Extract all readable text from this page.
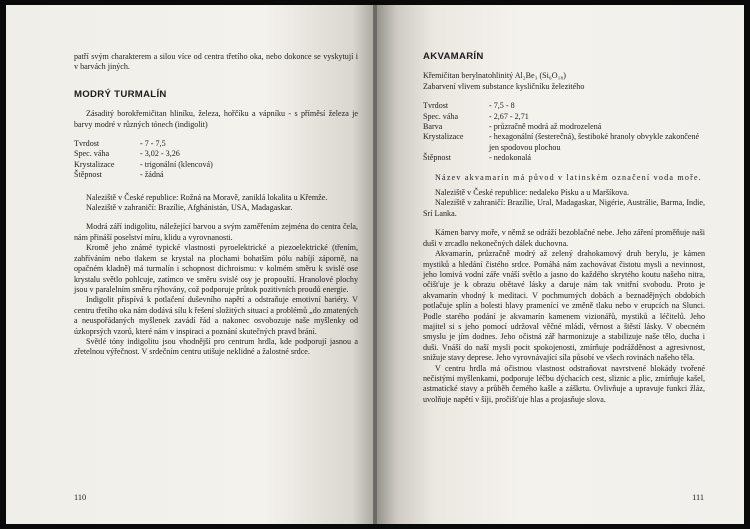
patří svým charakterem a silou více od centra třetího oka, nebo dokonce se vyskytují i v barvách jiných.

MODRÝ TURMALÍN

Zásaditý borokřemičitan hliníku, železa, hořčíku a vápníku - s příměsí železa je barvy modré v různých tónech (indigolit)

Tvrdost	- 7 - 7,5
Spec. váha	- 3,02 - 3,26
Krystalizace	- trigonální (klencová)
Štěpnost	- žádná

Naleziště v České republice: Rožná na Moravě, zaniklá lokalita u Křemže.

Naleziště v zahraničí: Brazílie, Afghánistán, USA, Madagaskar.

Modrá září indigolitu, náležející barvou a svým zaměřením zejména do centra čela, nám přináší poselství míru, klidu a vyrovnanosti.

Kromě jeho známé typické vlastnosti pyroelektrické a piezoelektrické (třením, zahříváním nebo tlakem se krystal na plochami bohatším pólu nabíjí záporně, na opačném kladně) má turmalín i schopnost dichroismu: v kolmém směru k svislé ose krystalu světlo pohlcuje, zatímco ve směru svislé osy je propouští. Hranolové plochy jsou v paralelním směru rýhovány, což podporuje průtok pozitivních proudů energie.

Indigolit přispívá k potlačení duševního napětí a odstraňuje emotivní bariéry. V centru třetího oka nám dodává sílu k řešení složitých situací a problémů „do zmatených a neuspořádaných myšlenek zavádí řád a nakonec osvobozuje naše myšlenky od úzkoprsých vzorů, které nám v inspiraci a poznání skutečných pravd brání.

Světlé tóny indigolitu jsou vhodnější pro centrum hrdla, kde podporují jasnou a zřetelnou výřečnost. V srdečním centru utišuje neklidné a žalostné srdce.

110
AKVAMARÍN

Křemičitan berylnatohlinitý Al₂Be₃ (Si₆O₁₈)

Zabarvení vlivem substance kysličníku železitého

Tvrdost	- 7,5 - 8
Spec. váha	- 2,67 - 2,71
Barva	- průzračně modrá až modrozelená
Krystalizace	- hexagonální (šesterečná), šestiboké hranoly obvykle zakončené jen spodovou plochou
Štěpnost	- nedokonalá

Název akvamarín má původ v latinském označení voda moře.

Naleziště v České republice: nedaleko Písku a u Maršíkova.

Naleziště v zahraničí: Brazílie, Ural, Madagaskar, Nigérie, Austrálie, Barma, Indie, Srí Lanka.

Kámen barvy moře, v němž se odráží bezoblačné nebe. Jeho záření proměňuje naši duši v zrcadlo nekonečných dálek duchovna.

Akvamarín, průzračně modrý až zelený drahokamový druh berylu, je kámen mystiků a hledání čistého srdce. Pomáhá nám zachovávat čistotu mysli a nevinnost, jeho lomivá vodní záře vnáší světlo a jasno do každého skrytého koutu našeho nitra, očišťuje je k obrazu obětavé lásky a daruje nám tak vnitřní svobodu. Proto je akvamarín vhodný k meditaci. V pochmurných dobách a beznadějných obdobích potlačuje splín a bolesti hlavy pramenící ve změně tlaku nebo v erupcích na Slunci. Podle starého podání je akvamarín kamenem vizionářů, mystiků a léčitelů. Jeho majitel si s jeho pomocí udržoval věčné mládí, věrnost a štěstí lásky. V obecném smyslu je jím dodnes. Jeho očistná zář harmonizuje a stabilizuje naše tělo, ducha i duši. Vnáší do naší mysli pocit spokojenosti, zmírňuje podrážděnost a agresivnost, snižuje stavy deprese. Jeho vyrovnávající síla působí ve všech rovinách našeho těla.

V centru hrdla má očistnou vlastnost odstraňovat navrstvené blokády tvořené nečistými myšlenkami, podporuje léčbu dýchacích cest, sliznic a plic, zmírňuje kašel, astmatické stavy a průběh čemého kašle a záškrtu. Ovlivňuje a upravuje funkci žláz, uvolňuje napětí v šíji, pročišťuje hlas a projasňuje slova.

111
